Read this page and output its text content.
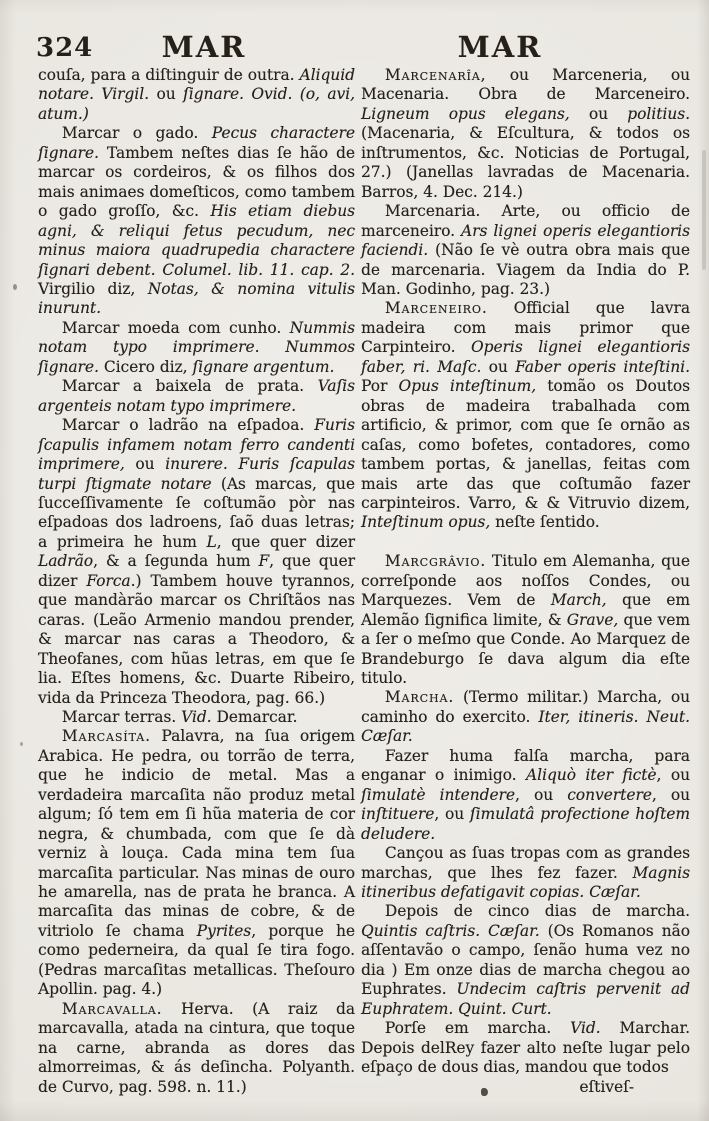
324 MAR	MAR

couſa, para a diſtinguir de outra. Aliquid notare. Virgil. ou ſignare. Ovid. (o, avi, atum.)

Marcar o gado. Pecus charactere ſignare. Tambem neſtes dias ſe hão de marcar os cordeiros, & os filhos dos mais animaes domeſticos, como tambem o gado groſſo, &c. His etiam diebus agni, & reliqui fetus pecudum, nec minus maiora quadrupedia charactere ſignari debent. Columel. lib. 11. cap. 2. Virgilio diz, Notas, & nomina vitulis inurunt.

Marcar moeda com cunho. Nummis notam typo imprimere. Nummos ſignare. Cicero diz, ſignare argentum.

Marcar a baixela de prata. Vaſis argenteis notam typo imprimere.

Marcar o ladrão na eſpadoa. Furis ſcapulis infamem notam ferro candenti imprimere, ou inurere. Furis ſcapulas turpi ſtigmate notare (As marcas, que ſucceſſivamente ſe coſtumão pòr nas eſpadoas dos ladroens, ſaõ duas letras; a primeira he hum L, que quer dizer Ladrão, & a ſegunda hum F, que quer dizer Forca.) Tambem houve tyrannos, que mandàrão marcar os Chriſtãos nas caras. (Leão Armenio mandou prender, & marcar nas caras a Theodoro, & Theofanes, com hũas letras, em que ſe lia. Eſtes homens, &c. Duarte Ribeiro, vida da Princeza Theodora, pag. 66.)

Marcar terras. Vid. Demarcar.

Marcasíta. Palavra, na ſua origem Arabica. He pedra, ou torrão de terra, que he indicio de metal. Mas a verdadeira marcaſita não produz metal algum; ſó tem em ſi hũa materia de cor negra, & chumbada, com que ſe dà verniz à louça. Cada mina tem ſua marcaſita particular. Nas minas de ouro he amarella, nas de prata he branca. A marcaſita das minas de cobre, & de vitriolo ſe chama Pyrites, porque he como pederneira, da qual ſe tira fogo. (Pedras marcaſitas metallicas. Theſouro Apollin. pag. 4.)

Marcavalla. Herva. (A raiz da marcavalla, atada na cintura, que toque na carne, abranda as dores das almorreimas, & ás deſincha. Polyanth. de Curvo, pag. 598. n. 11.)

Marcenarîa, ou Marceneria, ou Macenaria. Obra de Marceneiro. Ligneum opus elegans, ou politius. (Macenaria, & Eſcultura, & todos os inſtrumentos, &c. Noticias de Portugal, 27.) (Janellas lavradas de Macenaria. Barros, 4. Dec. 214.)

Marcenaria. Arte, ou officio de marceneiro. Ars lignei operis elegantioris faciendi. (Não ſe vè outra obra mais que de marcenaria. Viagem da India do P. Man. Godinho, pag. 23.)

Marceneiro. Official que lavra madeira com mais primor que Carpinteiro. Operis lignei elegantioris faber, ri. Maſc. ou Faber operis inteſtini. Por Opus inteſtinum, tomão os Doutos obras de madeira trabalhada com artificio, & primor, com que ſe ornão as caſas, como bofetes, contadores, como tambem portas, & janellas, feitas com mais arte das que coſtumão fazer carpinteiros. Varro, & & Vitruvio dizem, Inteſtinum opus, neſte ſentido.

Marcgrâvio. Titulo em Alemanha, que correſponde aos noſſos Condes, ou Marquezes. Vem de March, que em Alemão ſignifica limite, & Grave, que vem a ſer o meſmo que Conde. Ao Marquez de Brandeburgo ſe dava algum dia eſte titulo.

Marcha. (Termo militar.) Marcha, ou caminho do exercito. Iter, itineris. Neut. Cæſar.

Fazer huma falſa marcha, para enganar o inimigo. Aliquò iter fictè, ou ſimulatè intendere, ou convertere, ou inſtituere, ou ſimulatâ profectione hoſtem deludere.

Cançou as ſuas tropas com as grandes marchas, que lhes fez fazer. Magnis itineribus defatigavit copias. Cæſar.

Depois de cinco dias de marcha. Quintis caſtris. Cæſar. (Os Romanos não aſſentavão o campo, ſenão huma vez no dia ) Em onze dias de marcha chegou ao Euphrates. Undecim caſtris pervenit ad Euphratem. Quint. Curt.

Porſe em marcha. Vid. Marchar. Depois delRey fazer alto neſte lugar pelo eſpaço de dous dias, mandou que todos

eſtiveſ-
